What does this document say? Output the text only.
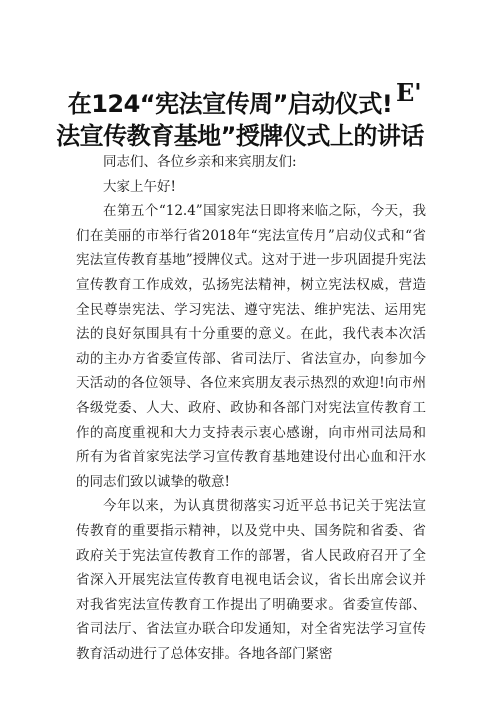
在124“宪法宣传周”启动仪式! E'
法宣传教育基地”授牌仪式上的讲话

同志们、各位乡亲和来宾朋友们:

大家上午好!

在第五个“12.4”国家宪法日即将来临之际，今天，我们在美丽的市举行省2018年“宪法宣传月”启动仪式和“省宪法宣传教育基地”授牌仪式。这对于进一步巩固提升宪法宣传教育工作成效，弘扬宪法精神，树立宪法权威，营造全民尊崇宪法、学习宪法、遵守宪法、维护宪法、运用宪法的良好氛围具有十分重要的意义。在此，我代表本次活动的主办方省委宣传部、省司法厅、省法宣办，向参加今天活动的各位领导、各位来宾朋友表示热烈的欢迎!向市州各级党委、人大、政府、政协和各部门对宪法宣传教育工作的高度重视和大力支持表示衷心感谢，向市州司法局和所有为省首家宪法学习宣传教育基地建设付出心血和汗水的同志们致以诚挚的敬意!

今年以来，为认真贯彻落实习近平总书记关于宪法宣传教育的重要指示精神，以及党中央、国务院和省委、省政府关于宪法宣传教育工作的部署，省人民政府召开了全省深入开展宪法宣传教育电视电话会议，省长出席会议并对我省宪法宣传教育工作提出了明确要求。省委宣传部、省司法厅、省法宣办联合印发通知，对全省宪法学习宣传教育活动进行了总体安排。各地各部门紧密
